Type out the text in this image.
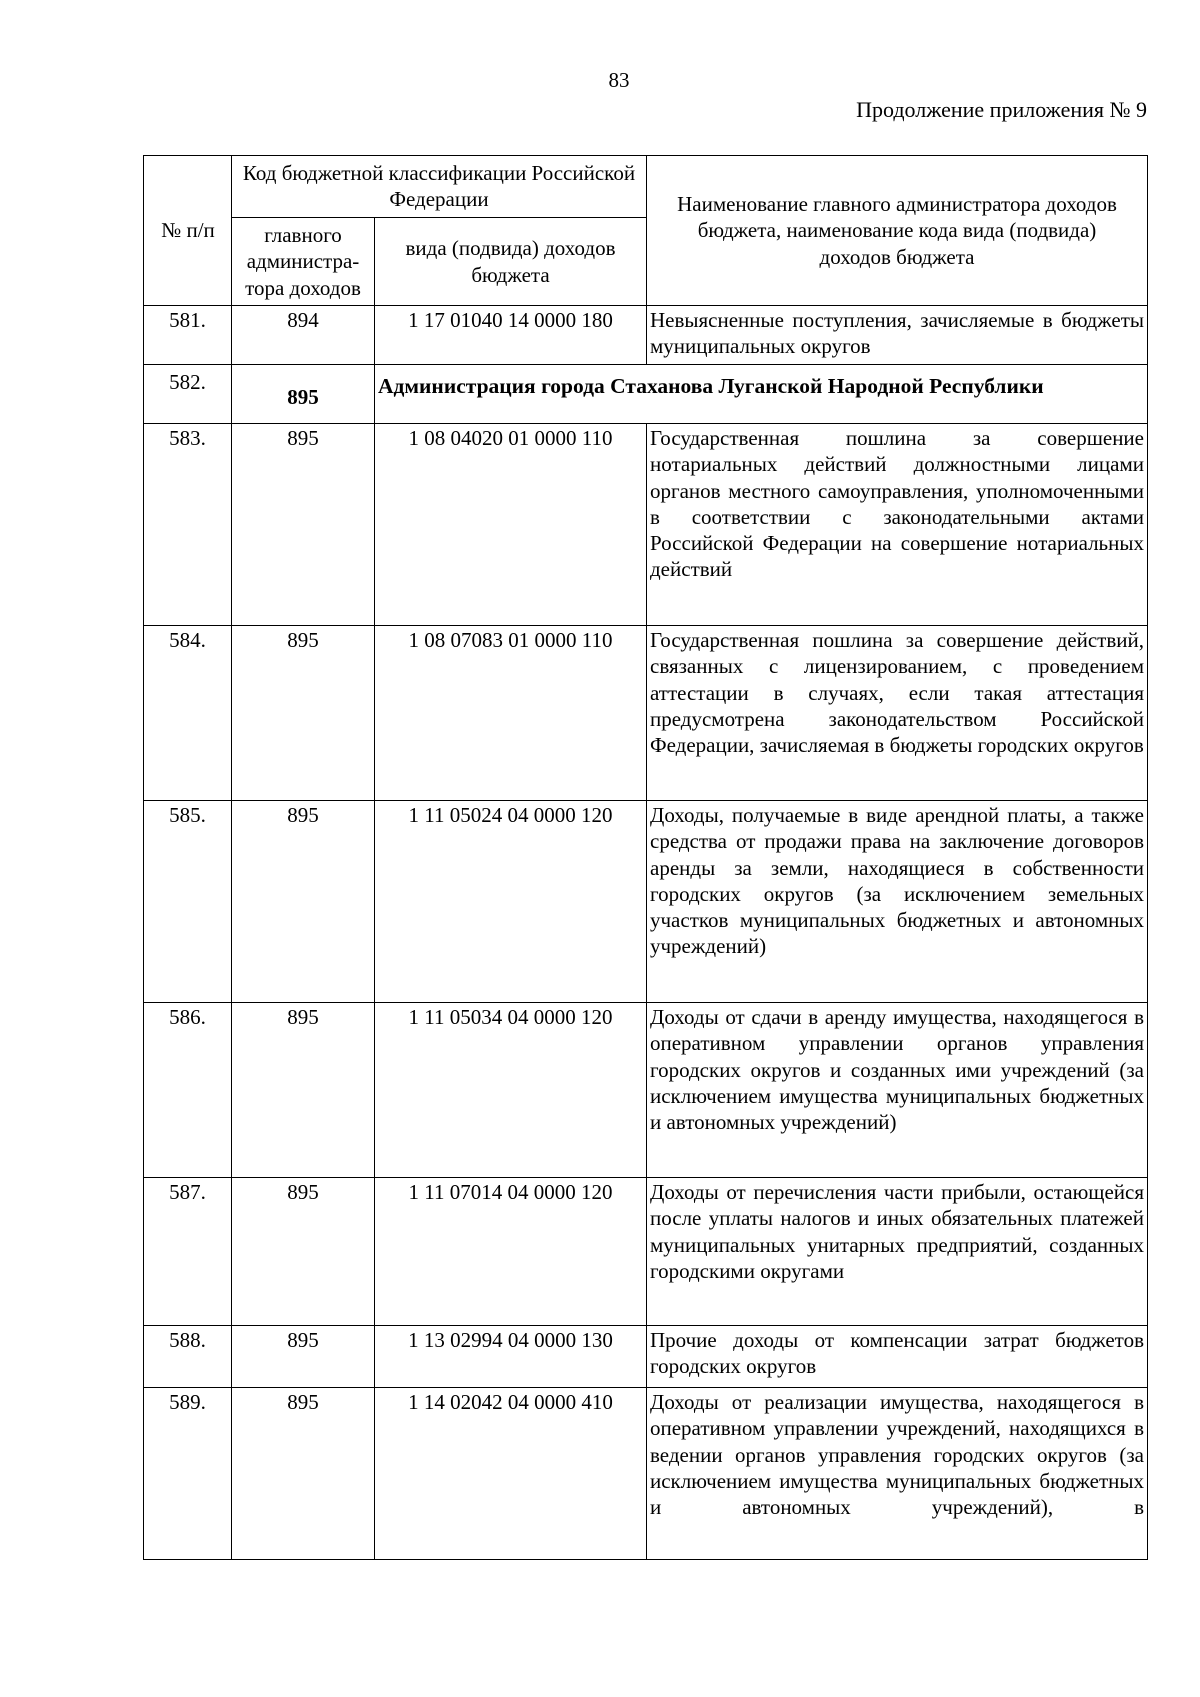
83
Продолжение приложения № 9
№ п/п	Код бюджетной классификации Российской Федерации		Наименование главного администратора доходов бюджета, наименование кода вида (подвида) доходов бюджета
	главного администра-тора доходов	вида (подвида) доходов бюджета	
581.	894	1 17 01040 14 0000 180	Невыясненные поступления, зачисляемые в бюджеты муниципальных округов
582.	895	Администрация города Стаханова Луганской Народной Республики	
583.	895	1 08 04020 01 0000 110	Государственная пошлина за совершение нотариальных действий должностными лицами органов местного самоуправления, уполномоченными в соответствии с законодательными актами Российской Федерации на совершение нотариальных действий
584.	895	1 08 07083 01 0000 110	Государственная пошлина за совершение действий, связанных с лицензированием, с проведением аттестации в случаях, если такая аттестация предусмотрена законодательством Российской Федерации, зачисляемая в бюджеты городских округов
585.	895	1 11 05024 04 0000 120	Доходы, получаемые в виде арендной платы, а также средства от продажи права на заключение договоров аренды за земли, находящиеся в собственности городских округов (за исключением земельных участков муниципальных бюджетных и автономных учреждений)
586.	895	1 11 05034 04 0000 120	Доходы от сдачи в аренду имущества, находящегося в оперативном управлении органов управления городских округов и созданных ими учреждений (за исключением имущества муниципальных бюджетных и автономных учреждений)
587.	895	1 11 07014 04 0000 120	Доходы от перечисления части прибыли, остающейся после уплаты налогов и иных обязательных платежей муниципальных унитарных предприятий, созданных городскими округами
588.	895	1 13 02994 04 0000 130	Прочие доходы от компенсации затрат бюджетов городских округов
589.	895	1 14 02042 04 0000 410	Доходы от реализации имущества, находящегося в оперативном управлении учреждений, находящихся в ведении органов управления городских округов (за исключением имущества муниципальных бюджетных и автономных учреждений), в
